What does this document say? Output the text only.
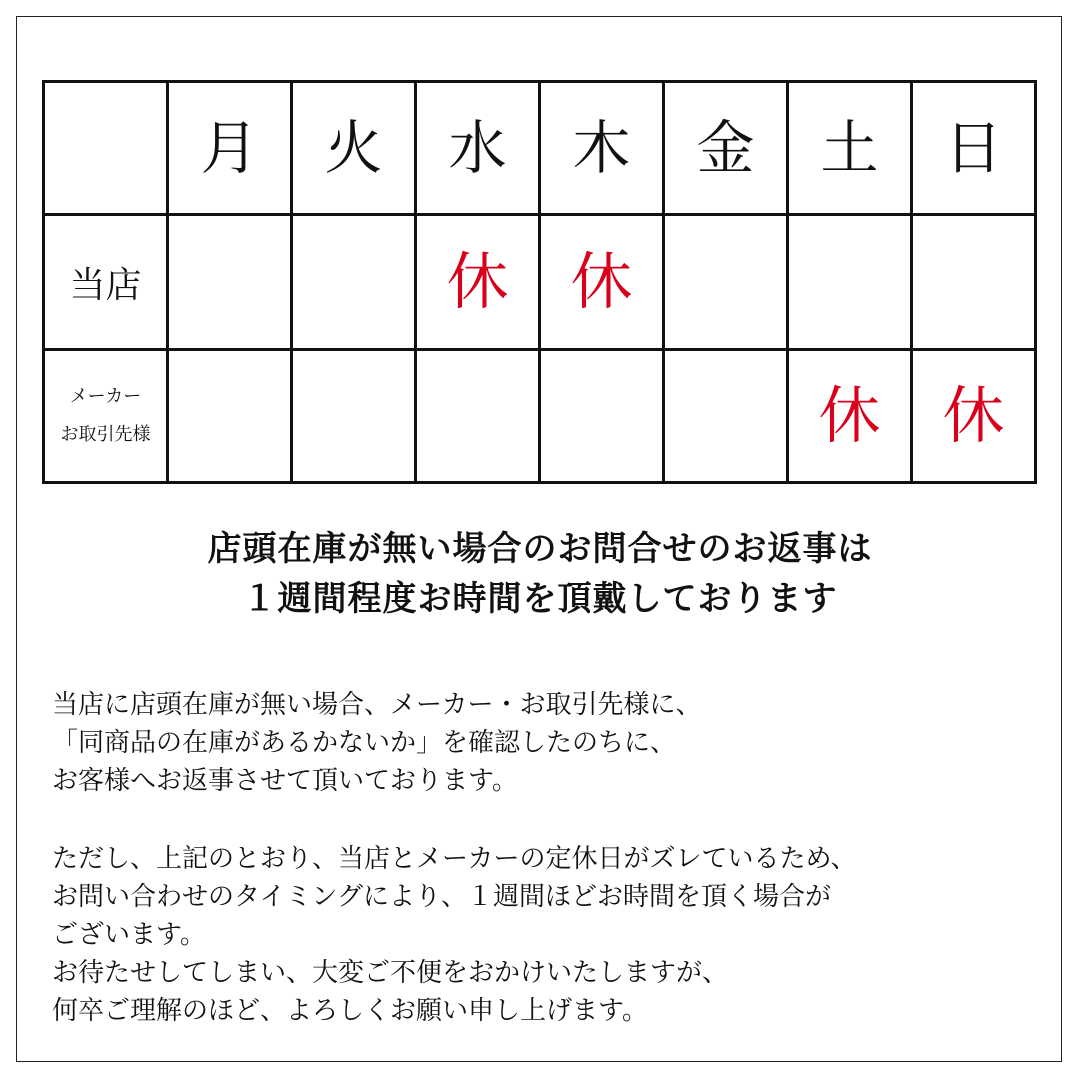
	月	火	水	木	金	土	日
当店			休	休			

メーカー
お取引先様						休	休
店頭在庫が無い場合のお問合せのお返事は
１週間程度お時間を頂戴しております

当店に店頭在庫が無い場合、メーカー・お取引先様に、

「同商品の在庫があるかないか」を確認したのちに、

お客様へお返事させて頂いております。

ただし、上記のとおり、当店とメーカーの定休日がズレているため、

お問い合わせのタイミングにより、１週間ほどお時間を頂く場合が

ございます。

お待たせしてしまい、大変ご不便をおかけいたしますが、

何卒ご理解のほど、よろしくお願い申し上げます。
